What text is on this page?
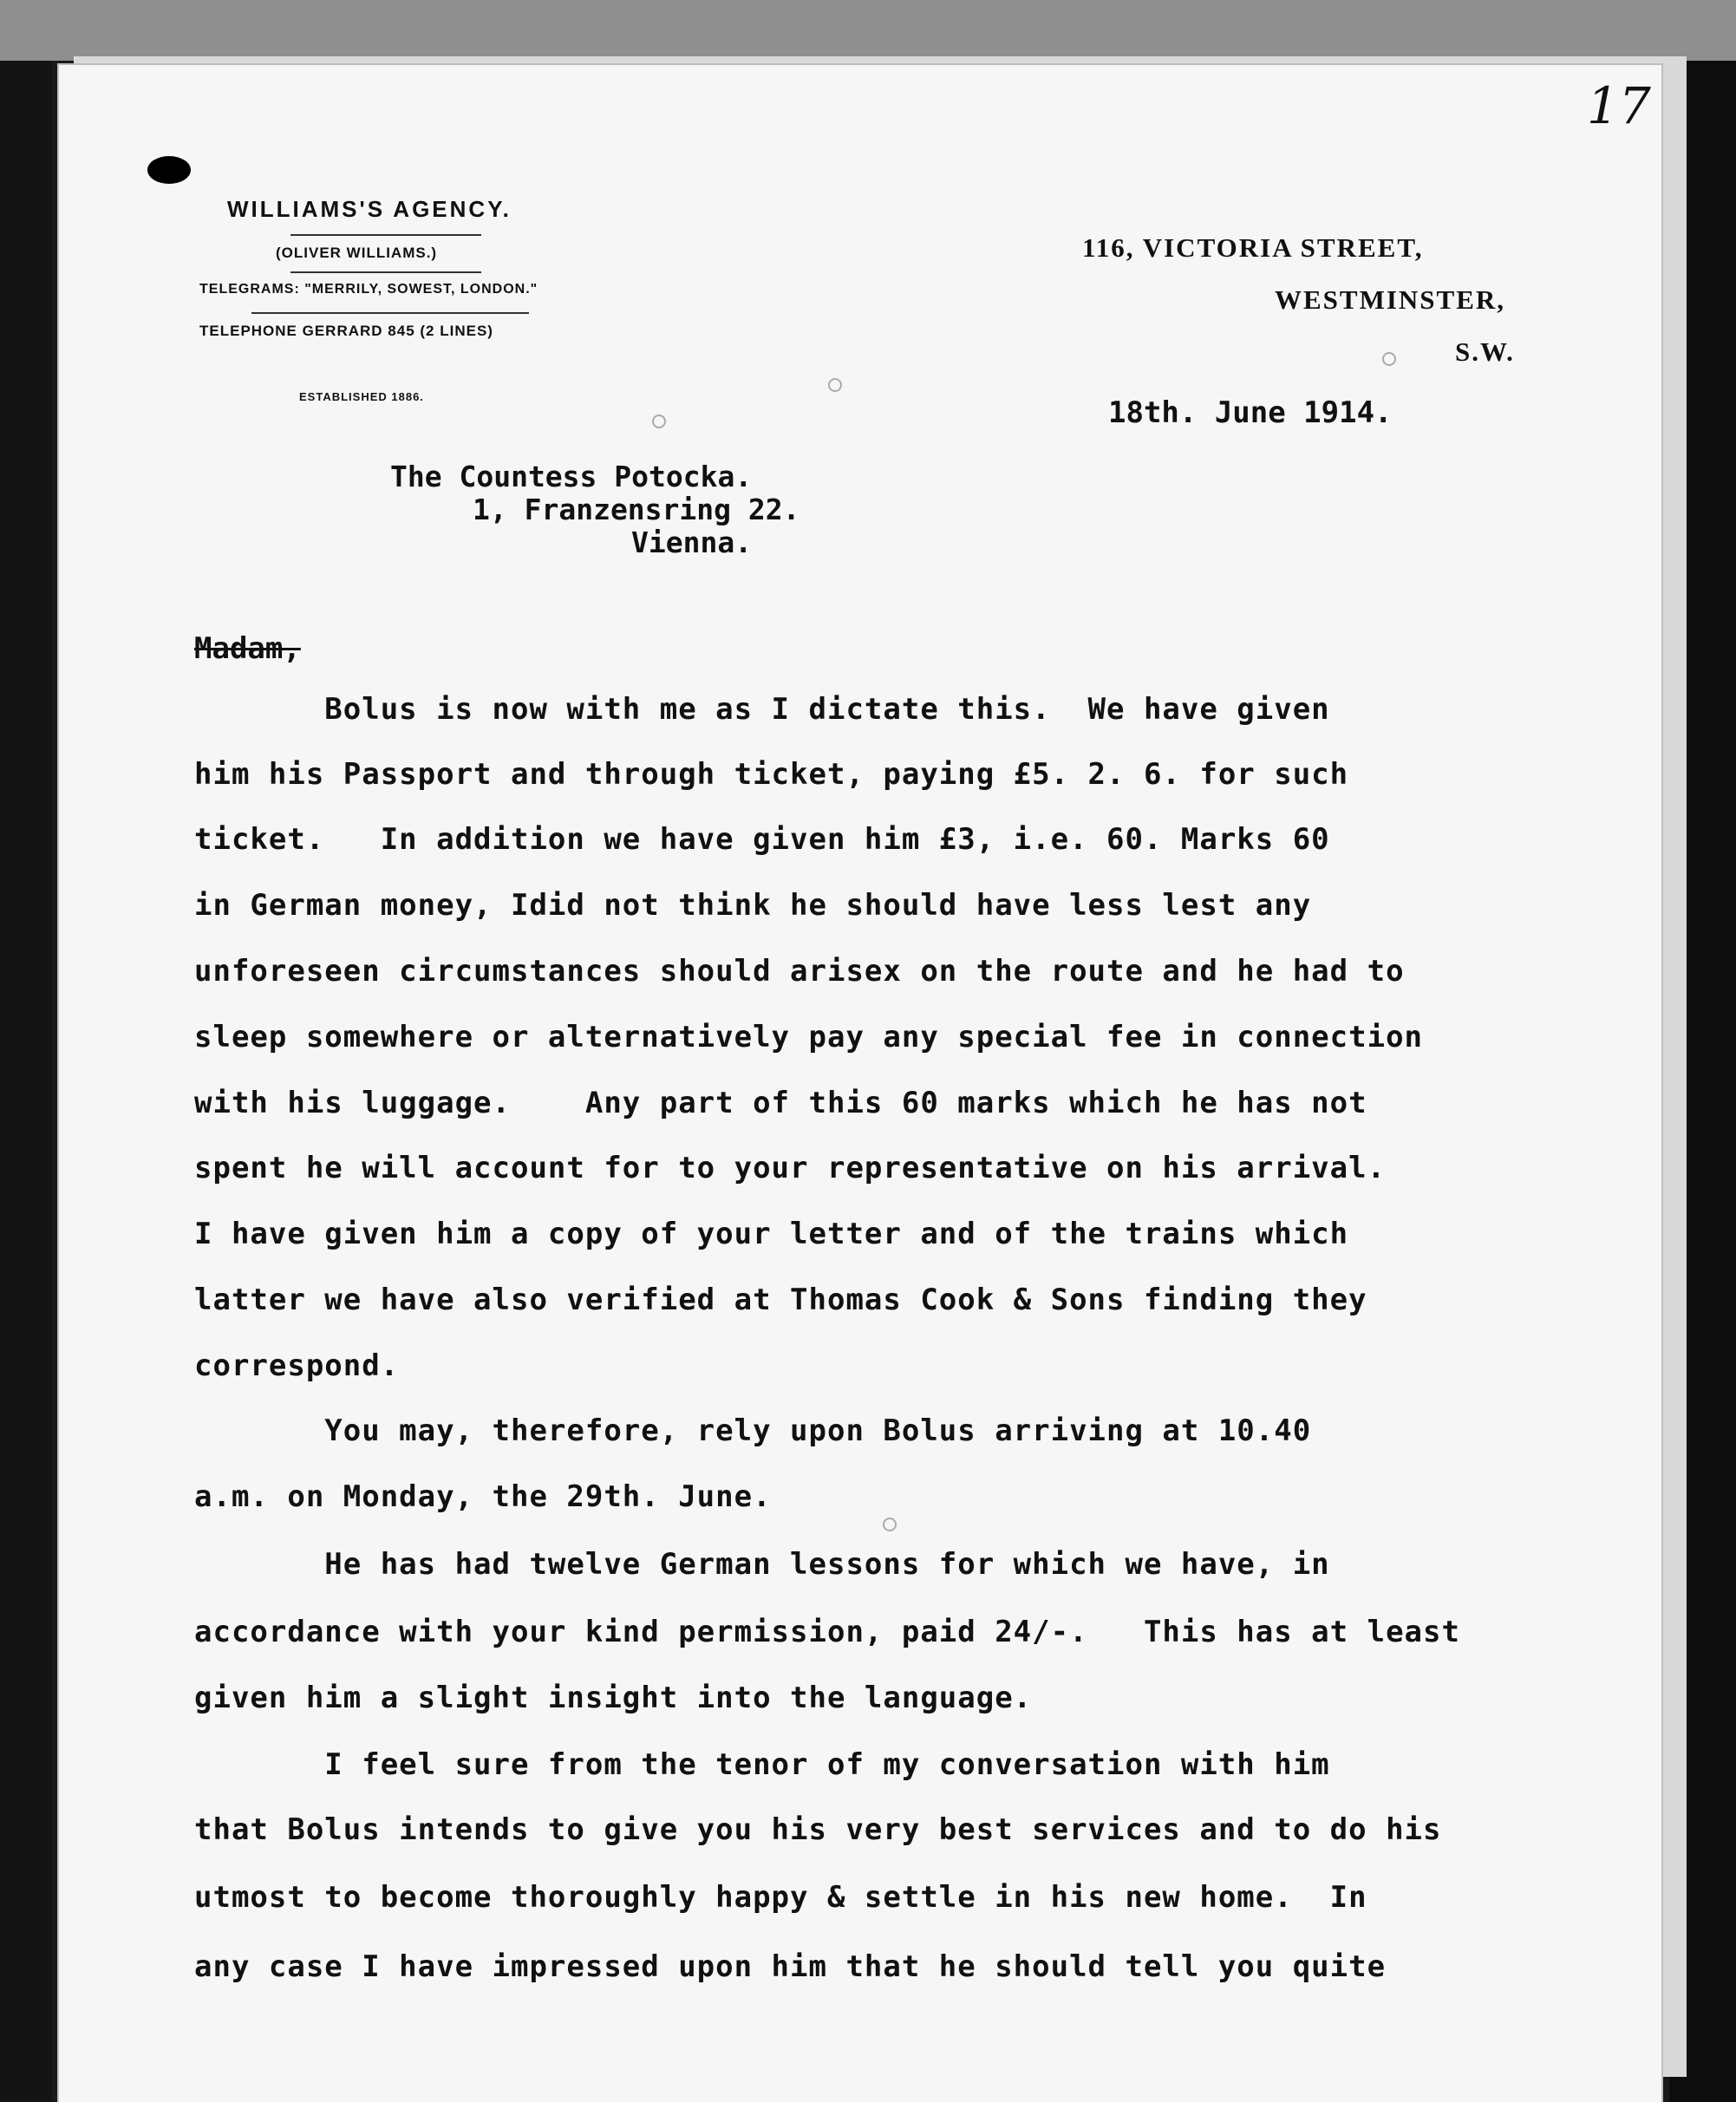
17
WILLIAMS'S AGENCY.
(OLIVER WILLIAMS.)
TELEGRAMS: "MERRILY, SOWEST, LONDON."
TELEPHONE GERRARD 845 (2 LINES)
ESTABLISHED 1886.
116, VICTORIA STREET,
WESTMINSTER,
S.W.
18th. June 1914.
The Countess Potocka.
1, Franzensring 22.
Vienna.
Madam,
Bolus is now with me as I dictate this.  We have given
him his Passport and through ticket, paying £5. 2. 6. for such
ticket.   In addition we have given him £3, i.e. 60. Marks 60
in German money, Idid not think he should have less lest any
unforeseen circumstances should arisex on the route and he had to
sleep somewhere or alternatively pay any special fee in connection
with his luggage.    Any part of this 60 marks which he has not
spent he will account for to your representative on his arrival.
I have given him a copy of your letter and of the trains which
latter we have also verified at Thomas Cook & Sons finding they
correspond.
You may, therefore, rely upon Bolus arriving at 10.40
a.m. on Monday, the 29th. June.
He has had twelve German lessons for which we have, in
accordance with your kind permission, paid 24/-.   This has at least
given him a slight insight into the language.
I feel sure from the tenor of my conversation with him
that Bolus intends to give you his very best services and to do his
utmost to become thoroughly happy & settle in his new home.  In
any case I have impressed upon him that he should tell you quite
